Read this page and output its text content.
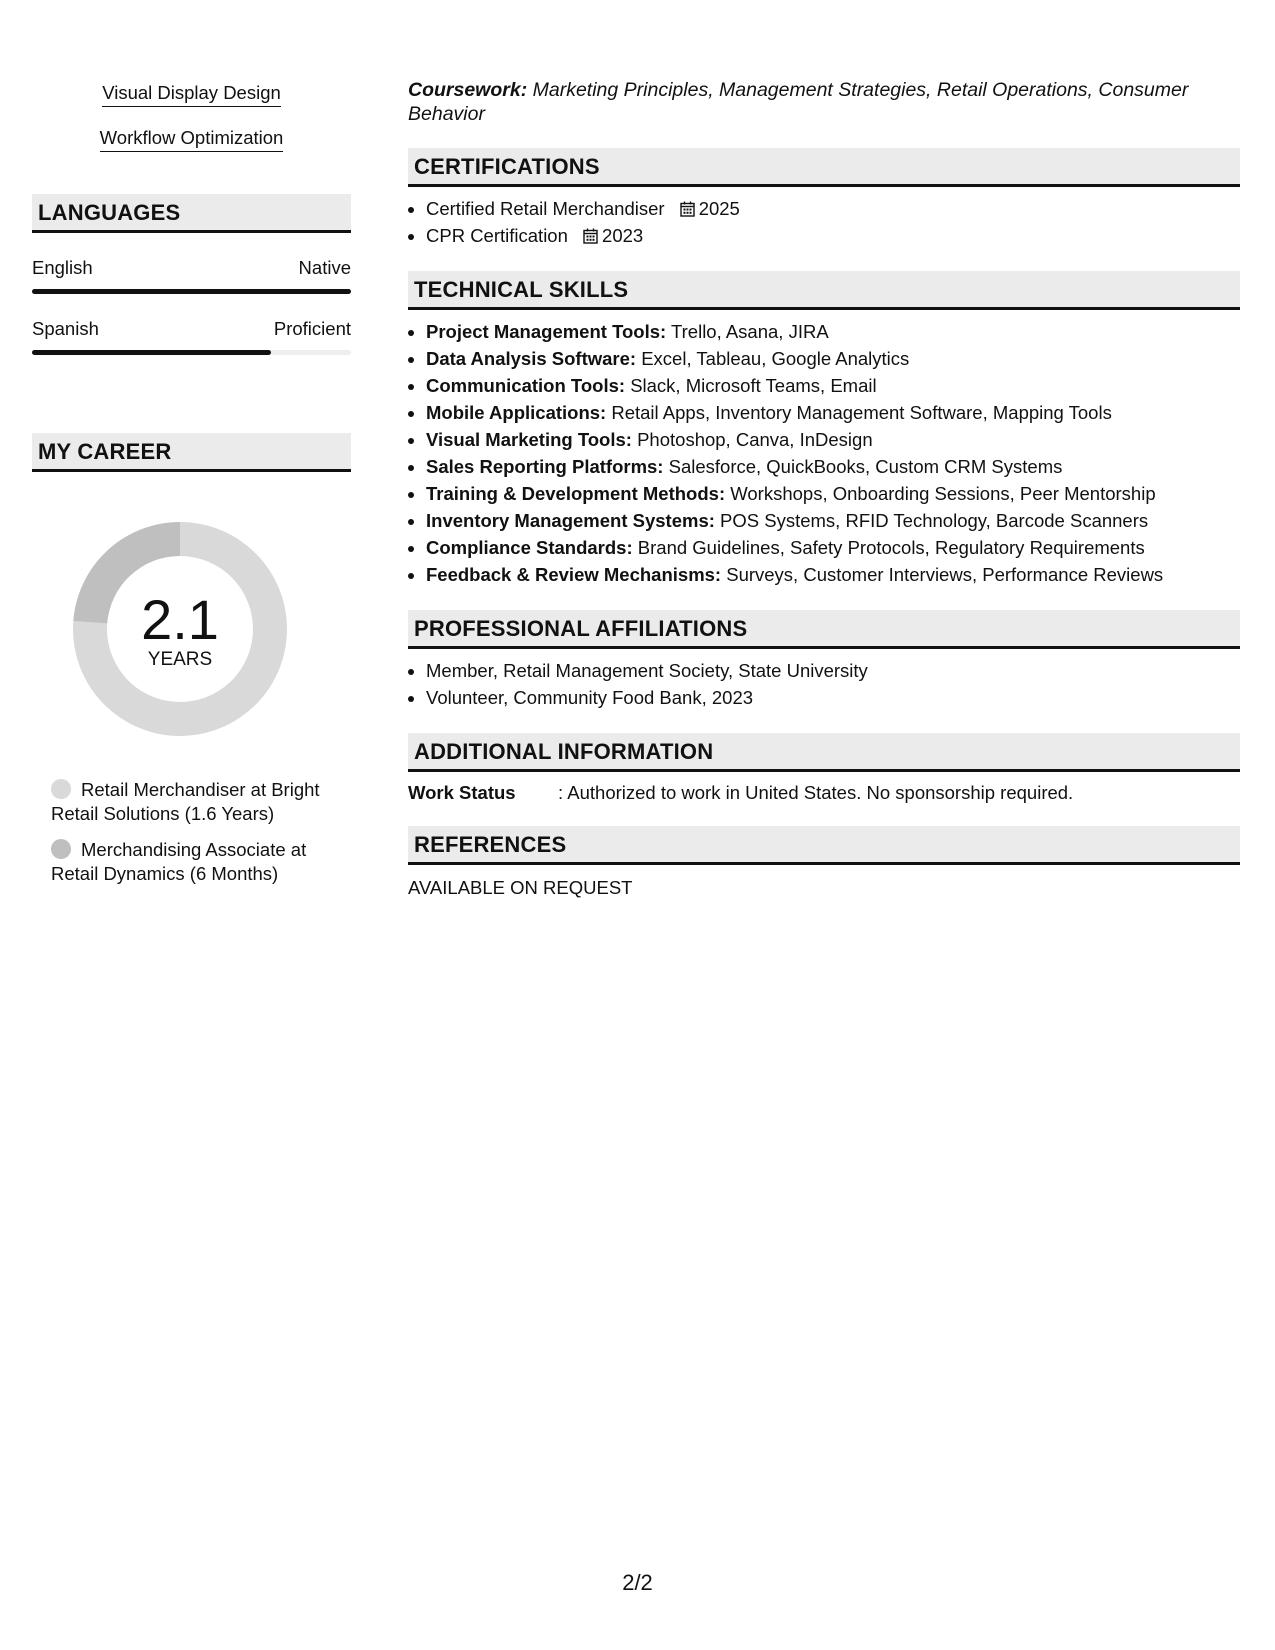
Visual Display Design
Workflow Optimization
LANGUAGES
English	Native
Spanish	Proficient
MY CAREER
2.1
YEARS
Retail Merchandiser at Bright Retail Solutions (1.6 Years)
Merchandising Associate at Retail Dynamics (6 Months)
Coursework: Marketing Principles, Management Strategies, Retail Operations, Consumer Behavior
CERTIFICATIONS
• Certified Retail Merchandiser 2025
• CPR Certification 2023
TECHNICAL SKILLS
• Project Management Tools: Trello, Asana, JIRA
• Data Analysis Software: Excel, Tableau, Google Analytics
• Communication Tools: Slack, Microsoft Teams, Email
• Mobile Applications: Retail Apps, Inventory Management Software, Mapping Tools
• Visual Marketing Tools: Photoshop, Canva, InDesign
• Sales Reporting Platforms: Salesforce, QuickBooks, Custom CRM Systems
• Training & Development Methods: Workshops, Onboarding Sessions, Peer Mentorship
• Inventory Management Systems: POS Systems, RFID Technology, Barcode Scanners
• Compliance Standards: Brand Guidelines, Safety Protocols, Regulatory Requirements
• Feedback & Review Mechanisms: Surveys, Customer Interviews, Performance Reviews
PROFESSIONAL AFFILIATIONS
• Member, Retail Management Society, State University
• Volunteer, Community Food Bank, 2023
ADDITIONAL INFORMATION
Work Status	: Authorized to work in United States. No sponsorship required.
REFERENCES
AVAILABLE ON REQUEST
2/2
